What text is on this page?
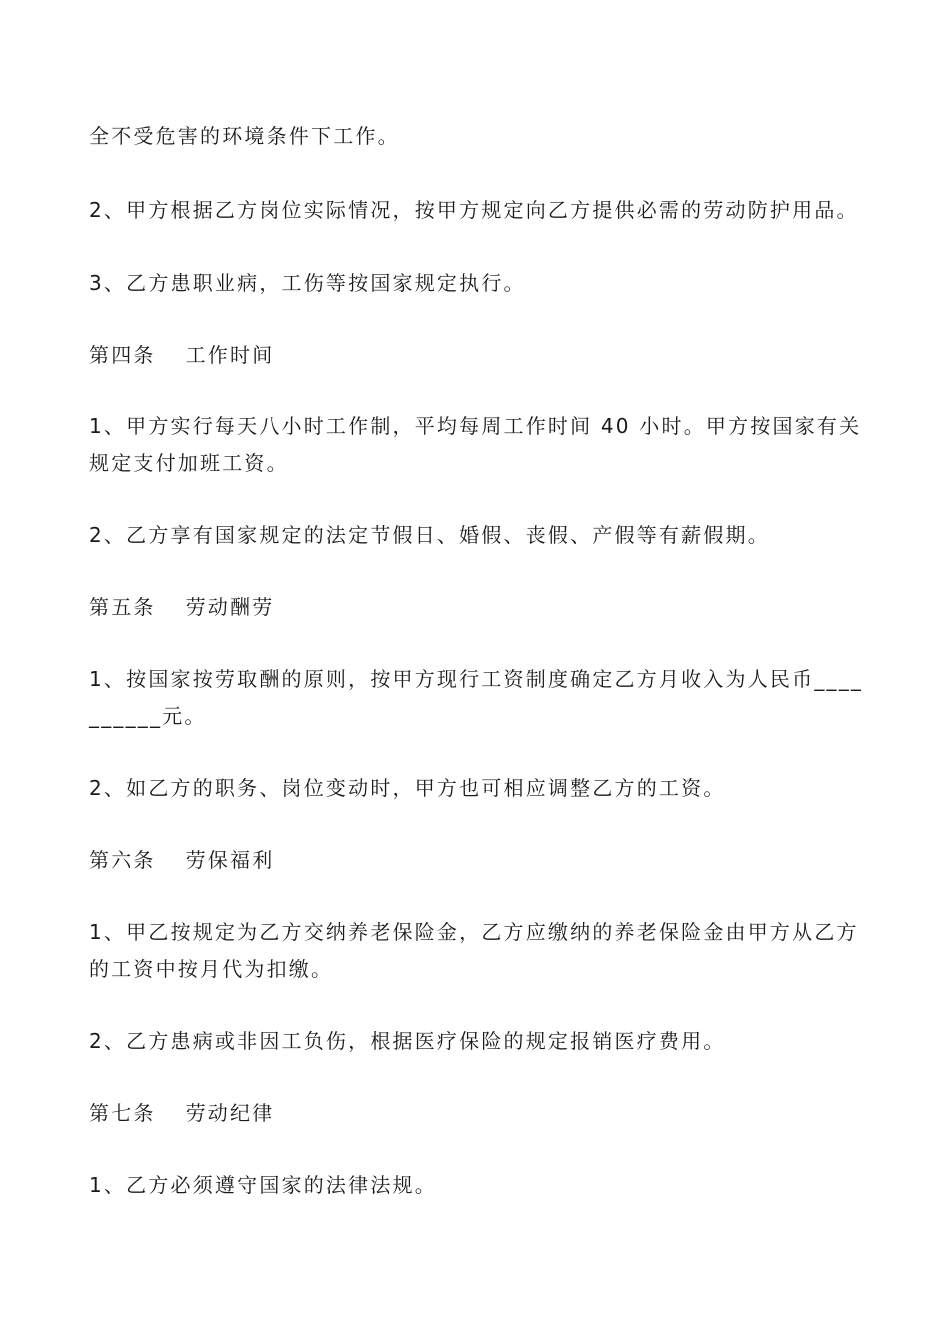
全不受危害的环境条件下工作。
2、甲方根据乙方岗位实际情况，按甲方规定向乙方提供必需的劳动防护用品。
3、乙方患职业病，工伤等按国家规定执行。
第四条 工作时间
1、甲方实行每天八小时工作制，平均每周工作时间 40 小时。甲方按国家有关
规定支付加班工资。
2、乙方享有国家规定的法定节假日、婚假、丧假、产假等有薪假期。
第五条 劳动酬劳
1、按国家按劳取酬的原则，按甲方现行工资制度确定乙方月收入为人民币____
______元。
2、如乙方的职务、岗位变动时，甲方也可相应调整乙方的工资。
第六条 劳保福利
1、甲乙按规定为乙方交纳养老保险金，乙方应缴纳的养老保险金由甲方从乙方
的工资中按月代为扣缴。
2、乙方患病或非因工负伤，根据医疗保险的规定报销医疗费用。
第七条 劳动纪律
1、乙方必须遵守国家的法律法规。
